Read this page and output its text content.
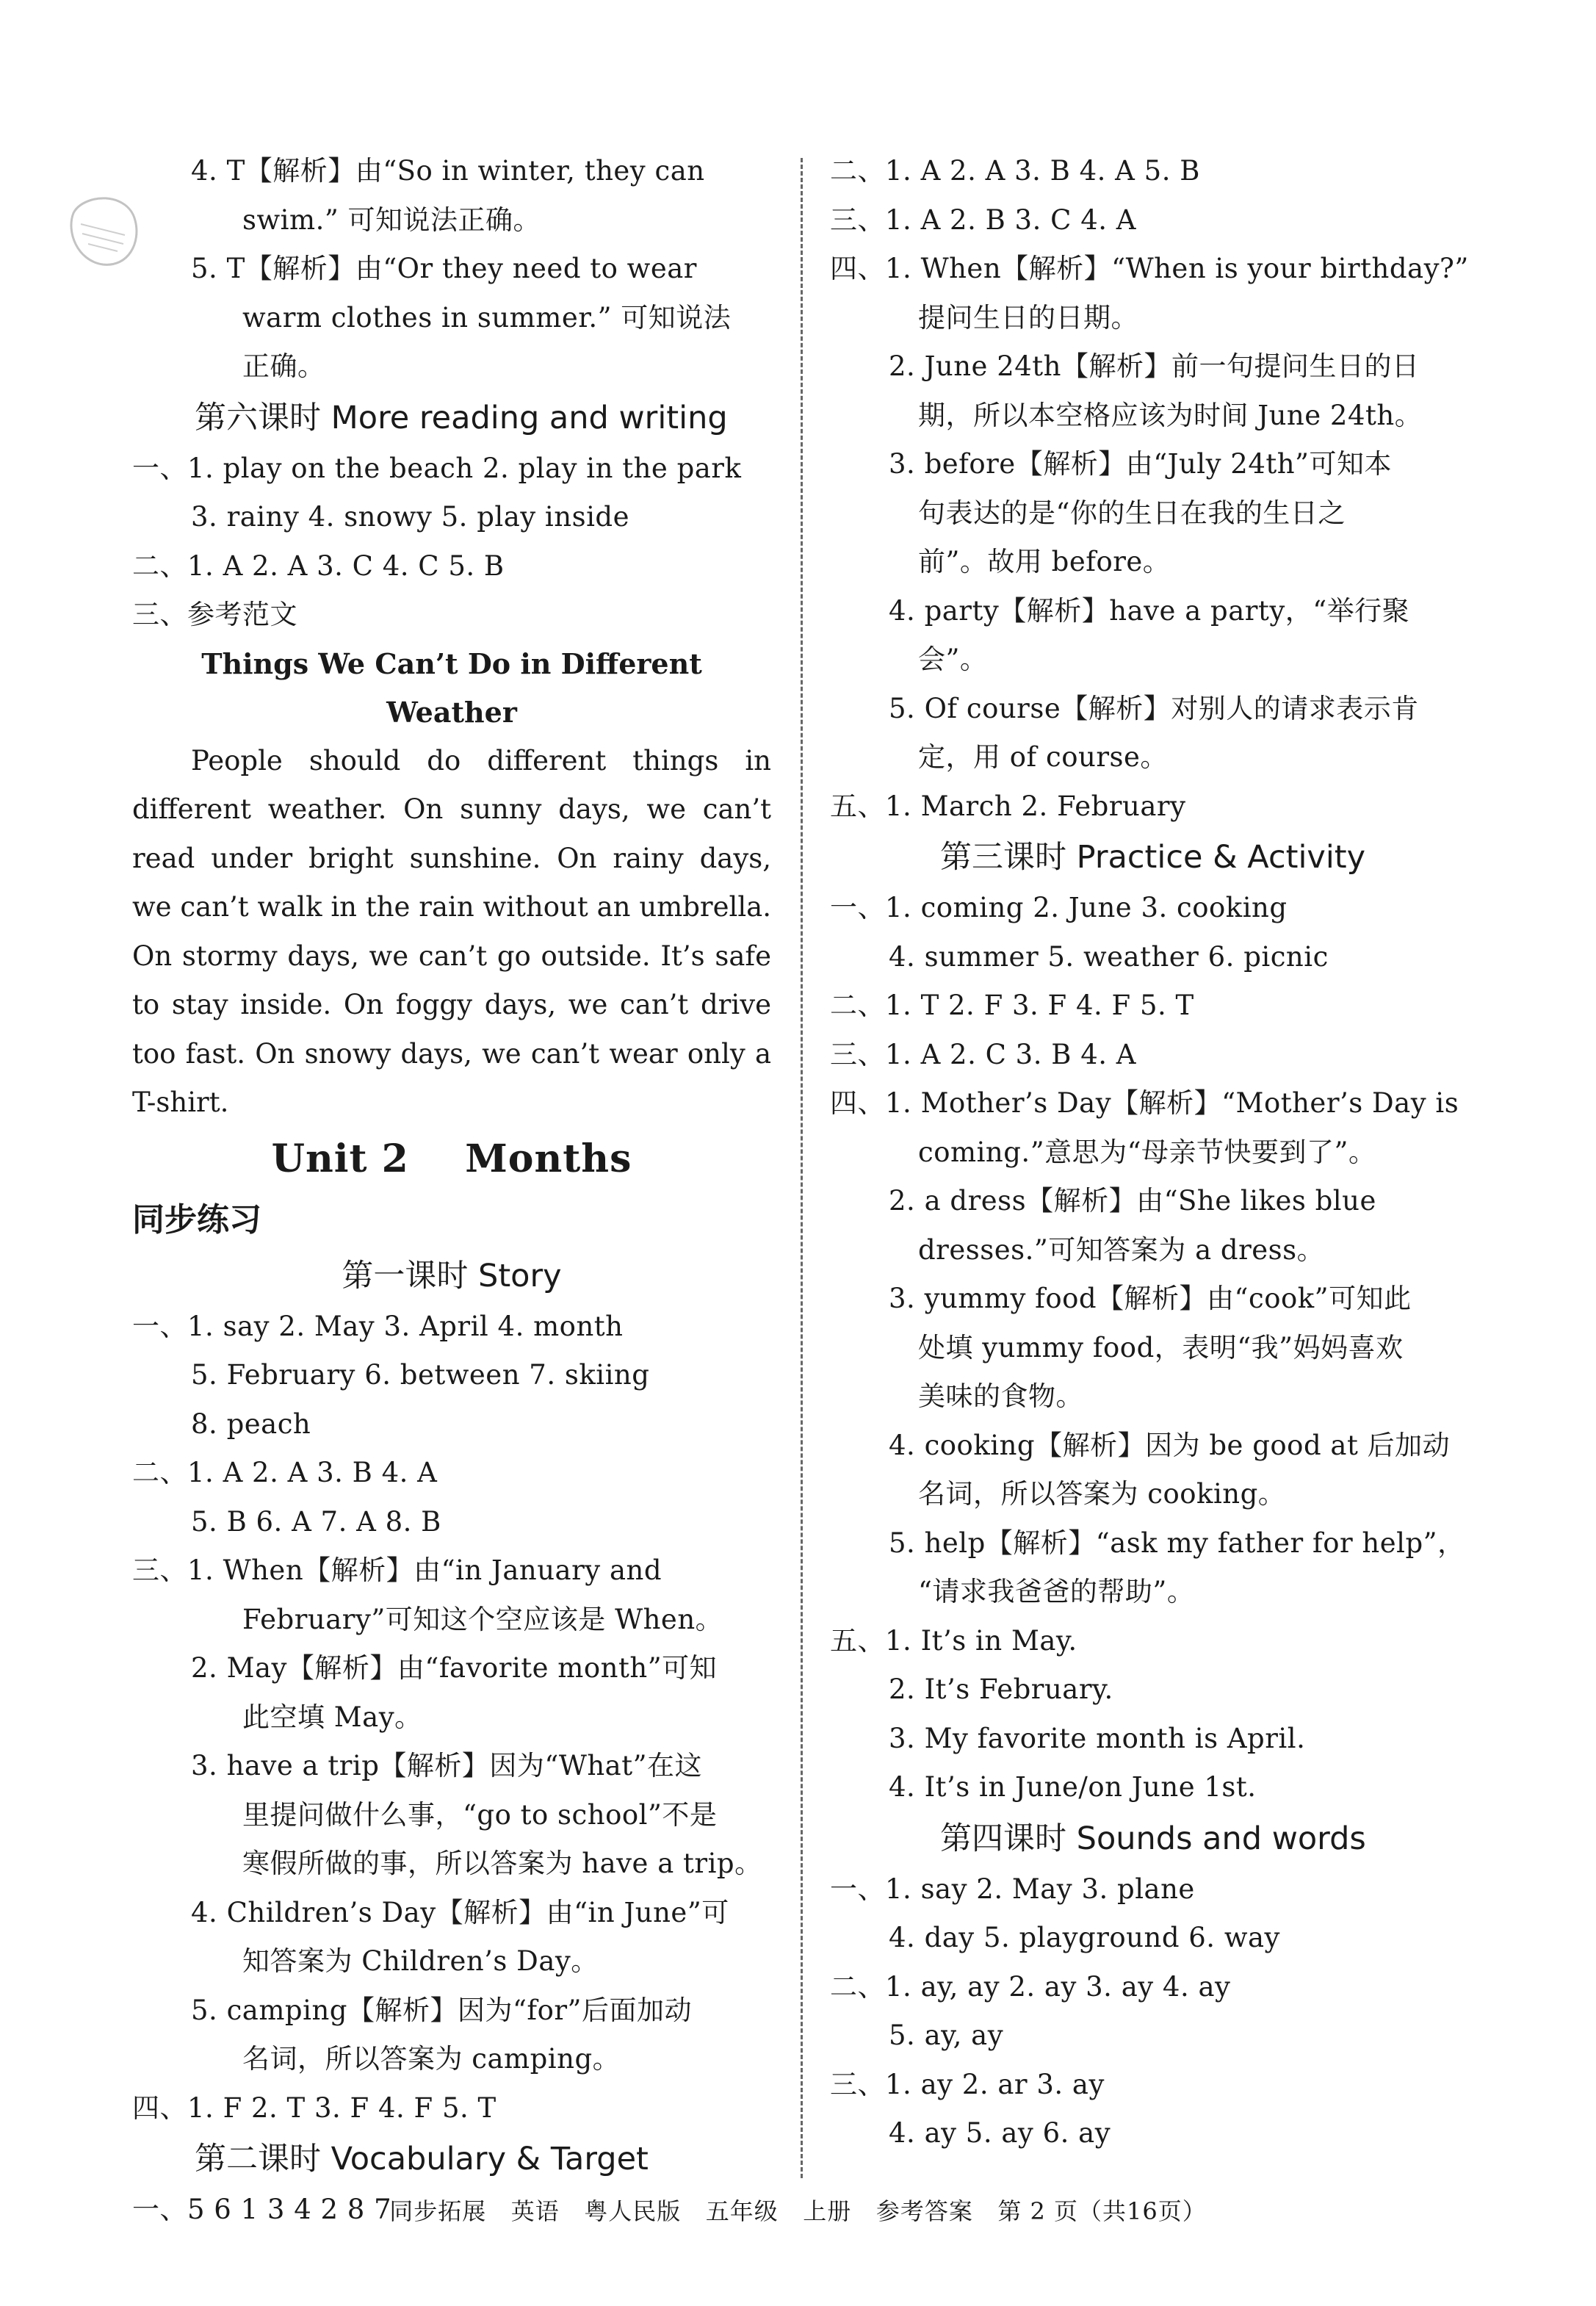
4. T【解析】由“So in winter, they can
swim.” 可知说法正确。
5. T【解析】由“Or they need to wear
warm clothes in summer.” 可知说法
正确。
第六课时 More reading and writing
一、1. play on the beach 2. play in the park
3. rainy 4. snowy 5. play inside
二、1. A 2. A 3. C 4. C 5. B
三、参考范文
Things We Can’t Do in Different Weather
People should do different things in different weather. On sunny days, we can’t read under bright sunshine. On rainy days, we can’t walk in the rain without an umbrella. On stormy days, we can’t go outside. It’s safe to stay inside. On foggy days, we can’t drive too fast. On snowy days, we can’t wear only a T-shirt.
Unit 2    Months
同步练习
第一课时 Story
一、1. say 2. May 3. April 4. month
5. February 6. between 7. skiing
8. peach
二、1. A 2. A 3. B 4. A
5. B 6. A 7. A 8. B
三、1. When【解析】由“in January and
February”可知这个空应该是 When。
2. May【解析】由“favorite month”可知
此空填 May。
3. have a trip【解析】因为“What”在这
里提问做什么事，“go to school”不是
寒假所做的事，所以答案为 have a trip。
4. Children’s Day【解析】由“in June”可
知答案为 Children’s Day。
5. camping【解析】因为“for”后面加动
名词，所以答案为 camping。
四、1. F 2. T 3. F 4. F 5. T
第二课时 Vocabulary & Target
一、5 6 1 3 4 2 8 7
二、1. A 2. A 3. B 4. A 5. B
三、1. A 2. B 3. C 4. A
四、1. When【解析】“When is your birthday?”
提问生日的日期。
2. June 24th【解析】前一句提问生日的日
期，所以本空格应该为时间 June 24th。
3. before【解析】由“July 24th”可知本
句表达的是“你的生日在我的生日之
前”。故用 before。
4. party【解析】have a party，“举行聚
会”。
5. Of course【解析】对别人的请求表示肯
定，用 of course。
五、1. March 2. February
第三课时 Practice & Activity
一、1. coming 2. June 3. cooking
4. summer 5. weather 6. picnic
二、1. T 2. F 3. F 4. F 5. T
三、1. A 2. C 3. B 4. A
四、1. Mother’s Day【解析】“Mother’s Day is
coming.”意思为“母亲节快要到了”。
2. a dress【解析】由“She likes blue
dresses.”可知答案为 a dress。
3. yummy food【解析】由“cook”可知此
处填 yummy food，表明“我”妈妈喜欢
美味的食物。
4. cooking【解析】因为 be good at 后加动
名词，所以答案为 cooking。
5. help【解析】“ask my father for help”，
“请求我爸爸的帮助”。
五、1. It’s in May.
2. It’s February.
3. My favorite month is April.
4. It’s in June/on June 1st.
第四课时 Sounds and words
一、1. say 2. May 3. plane
4. day 5. playground 6. way
二、1. ay, ay 2. ay 3. ay 4. ay
5. ay, ay
三、1. ay 2. ar 3. ay
4. ay 5. ay 6. ay
同步拓展   英语   粤人民版   五年级   上册   参考答案   第 2 页（共16页）
